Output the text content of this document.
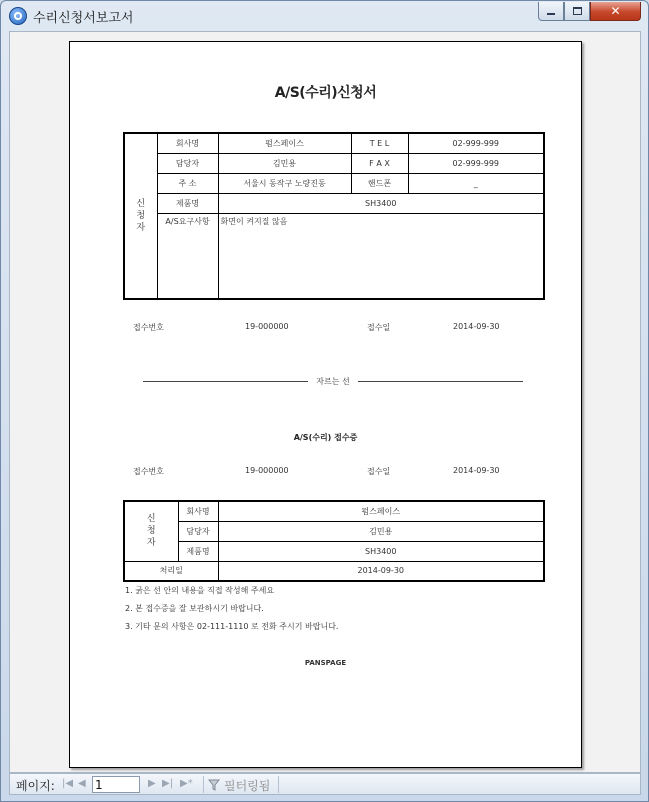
수리신청서보고서	✕
A/S(수리)신청서
신
청
자	회사명	펌스페이스	T E L	02-999-999
	담당자	김민용	F A X	02-999-999
	주 소	서울시 동작구 노량진동	핸드폰	_
	제품명	SH3400		
	A/S요구사항	화면이 켜지질 않음		
접수번호	19-000000	접수일	2014-09-30
자르는 선
A/S(수리) 접수증
접수번호	19-000000	접수일	2014-09-30
신
청
자	회사명	펌스페이스
	담당자	김민용
	제품명	SH3400
처리일		2014-09-30
1. 굵은 선 안의 내용을 직접 작성해 주세요
2. 본 접수증을 잘 보관하시기 바랍니다.
3. 기타 문의 사항은 02-111-1110 로 전화 주시기 바랍니다.
PANSPAGE
페이지: |◀ ◀
1	▶ ▶| ▶*	필터링됨
